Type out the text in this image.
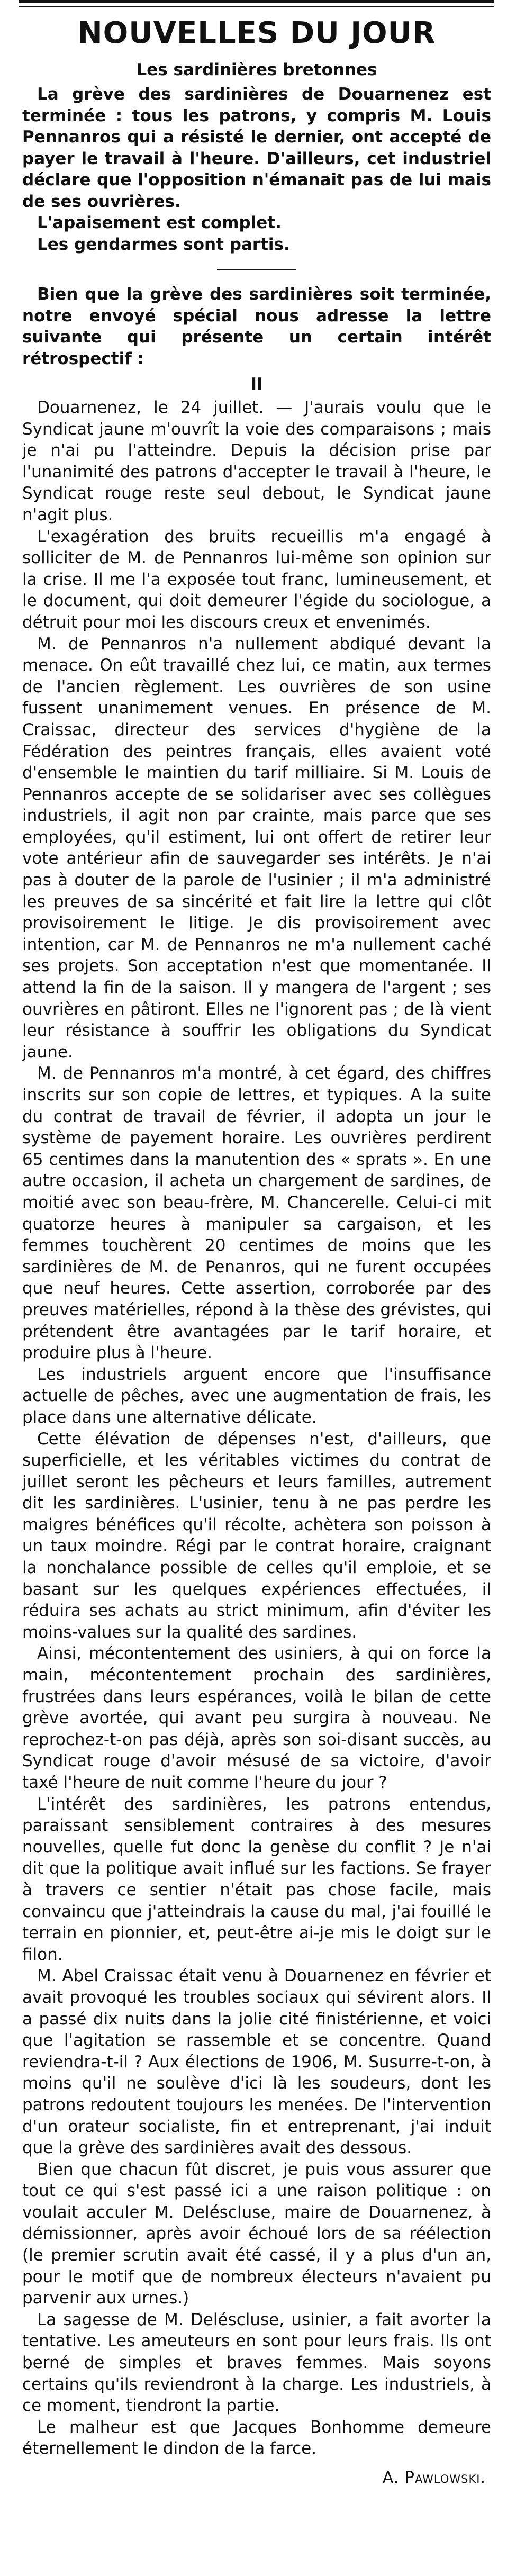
NOUVELLES DU JOUR
Les sardinières bretonnes

La grève des sardinières de Douarnenez est terminée : tous les patrons, y compris M. Louis Pennanros qui a résisté le dernier, ont accepté de payer le travail à l'heure. D'ailleurs, cet industriel déclare que l'opposition n'émanait pas de lui mais de ses ouvrières.

L'apaisement est complet.

Les gendarmes sont partis.

Bien que la grève des sardinières soit terminée, notre envoyé spécial nous adresse la lettre suivante qui présente un certain intérêt rétrospectif :

II

Douarnenez, le 24 juillet. — J'aurais voulu que le Syndicat jaune m'ouvrît la voie des comparaisons ; mais je n'ai pu l'atteindre. Depuis la décision prise par l'unanimité des patrons d'accepter le travail à l'heure, le Syndicat rouge reste seul debout, le Syndicat jaune n'agit plus.

L'exagération des bruits recueillis m'a engagé à solliciter de M. de Pennanros lui-même son opinion sur la crise. Il me l'a exposée tout franc, lumineusement, et le document, qui doit demeurer l'égide du sociologue, a détruit pour moi les discours creux et envenimés.

M. de Pennanros n'a nullement abdiqué devant la menace. On eût travaillé chez lui, ce matin, aux termes de l'ancien règlement. Les ouvrières de son usine fussent unanimement venues. En présence de M. Craissac, directeur des services d'hygiène de la Fédération des peintres français, elles avaient voté d'ensemble le maintien du tarif milliaire. Si M. Louis de Pennanros accepte de se solidariser avec ses collègues industriels, il agit non par crainte, mais parce que ses employées, qu'il estiment, lui ont offert de retirer leur vote antérieur afin de sauvegarder ses intérêts. Je n'ai pas à douter de la parole de l'usinier ; il m'a administré les preuves de sa sincérité et fait lire la lettre qui clôt provisoirement le litige. Je dis provisoirement avec intention, car M. de Pennanros ne m'a nullement caché ses projets. Son acceptation n'est que momentanée. Il attend la fin de la saison. Il y mangera de l'argent ; ses ouvrières en pâtiront. Elles ne l'ignorent pas ; de là vient leur résistance à souffrir les obligations du Syndicat jaune.

M. de Pennanros m'a montré, à cet égard, des chiffres inscrits sur son copie de lettres, et typiques. A la suite du contrat de travail de février, il adopta un jour le système de payement horaire. Les ouvrières perdirent 65 centimes dans la manutention des « sprats ». En une autre occasion, il acheta un chargement de sardines, de moitié avec son beau-frère, M. Chancerelle. Celui-ci mit quatorze heures à manipuler sa cargaison, et les femmes touchèrent 20 centimes de moins que les sardinières de M. de Penanros, qui ne furent occupées que neuf heures. Cette assertion, corroborée par des preuves matérielles, répond à la thèse des grévistes, qui prétendent être avantagées par le tarif horaire, et produire plus à l'heure.

Les industriels arguent encore que l'insuffisance actuelle de pêches, avec une augmentation de frais, les place dans une alternative délicate.

Cette élévation de dépenses n'est, d'ailleurs, que superficielle, et les véritables victimes du contrat de juillet seront les pêcheurs et leurs familles, autrement dit les sardinières. L'usinier, tenu à ne pas perdre les maigres bénéfices qu'il récolte, achètera son poisson à un taux moindre. Régi par le contrat horaire, craignant la nonchalance possible de celles qu'il emploie, et se basant sur les quelques expériences effectuées, il réduira ses achats au strict minimum, afin d'éviter les moins-values sur la qualité des sardines.

Ainsi, mécontentement des usiniers, à qui on force la main, mécontentement prochain des sardinières, frustrées dans leurs espérances, voilà le bilan de cette grève avortée, qui avant peu surgira à nouveau. Ne reprochez-t-on pas déjà, après son soi-disant succès, au Syndicat rouge d'avoir mésusé de sa victoire, d'avoir taxé l'heure de nuit comme l'heure du jour ?

L'intérêt des sardinières, les patrons entendus, paraissant sensiblement contraires à des mesures nouvelles, quelle fut donc la genèse du conflit ? Je n'ai dit que la politique avait influé sur les factions. Se frayer à travers ce sentier n'était pas chose facile, mais convaincu que j'atteindrais la cause du mal, j'ai fouillé le terrain en pionnier, et, peut-être ai-je mis le doigt sur le filon.

M. Abel Craissac était venu à Douarnenez en février et avait provoqué les troubles sociaux qui sévirent alors. Il a passé dix nuits dans la jolie cité finistérienne, et voici que l'agitation se rassemble et se concentre. Quand reviendra-t-il ? Aux élections de 1906, M. Susurre-t-on, à moins qu'il ne soulève d'ici là les soudeurs, dont les patrons redoutent toujours les menées. De l'intervention d'un orateur socialiste, fin et entreprenant, j'ai induit que la grève des sardinières avait des dessous.

Bien que chacun fût discret, je puis vous assurer que tout ce qui s'est passé ici a une raison politique : on voulait acculer M. Deléscluse, maire de Douarnenez, à démissionner, après avoir échoué lors de sa réélection (le premier scrutin avait été cassé, il y a plus d'un an, pour le motif que de nombreux électeurs n'avaient pu parvenir aux urnes.)

La sagesse de M. Deléscluse, usinier, a fait avorter la tentative. Les ameuteurs en sont pour leurs frais. Ils ont berné de simples et braves femmes. Mais soyons certains qu'ils reviendront à la charge. Les industriels, à ce moment, tiendront la partie.

Le malheur est que Jacques Bonhomme demeure éternellement le dindon de la farce.

A. Pawlowski.
